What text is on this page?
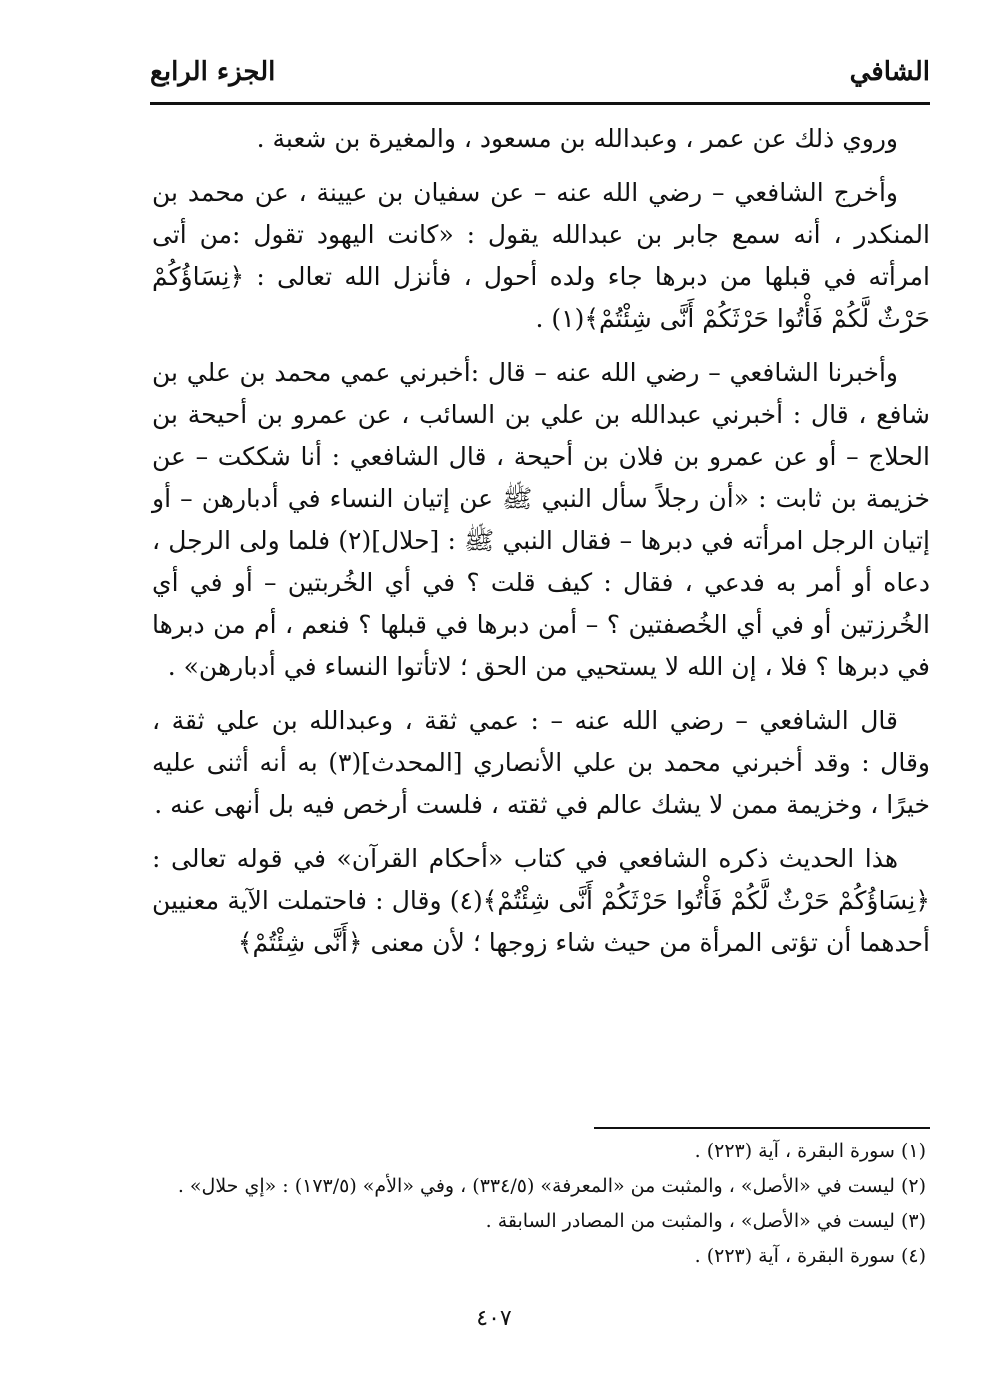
الشافي
الجزء الرابع

وروي ذلك عن عمر ، وعبدالله بن مسعود ، والمغيرة بن شعبة .

وأخرج الشافعي – رضي الله عنه – عن سفيان بن عيينة ، عن محمد بن المنكدر ، أنه سمع جابر بن عبدالله يقول : «كانت اليهود تقول :من أتى امرأته في قبلها من دبرها جاء ولده أحول ، فأنزل الله تعالى : ﴿نِسَاؤُكُمْ حَرْثٌ لَّكُمْ فَأْتُوا حَرْثَكُمْ أَنَّى شِئْتُمْ﴾(١) .

وأخبرنا الشافعي – رضي الله عنه – قال :أخبرني عمي محمد بن علي بن شافع ، قال : أخبرني عبدالله بن علي بن السائب ، عن عمرو بن أحيحة بن الحلاج – أو عن عمرو بن فلان بن أحيحة ، قال الشافعي : أنا شككت – عن خزيمة بن ثابت : «أن رجلاً سأل النبي ﷺ عن إتيان النساء في أدبارهن – أو إتيان الرجل امرأته في دبرها – فقال النبي ﷺ : [حلال](٢) فلما ولى الرجل ، دعاه أو أمر به فدعي ، فقال : كيف قلت ؟ في أي الخُربتين – أو في أي الخُرزتين أو في أي الخُصفتين ؟ – أمن دبرها في قبلها ؟ فنعم ، أم من دبرها في دبرها ؟ فلا ، إن الله لا يستحيي من الحق ؛ لاتأتوا النساء في أدبارهن» .

قال الشافعي – رضي الله عنه – : عمي ثقة ، وعبدالله بن علي ثقة ، وقال : وقد أخبرني محمد بن علي الأنصاري [المحدث](٣) به أنه أثنى عليه خيرًا ، وخزيمة ممن لا يشك عالم في ثقته ، فلست أرخص فيه بل أنهى عنه .

هذا الحديث ذكره الشافعي في كتاب «أحكام القرآن» في قوله تعالى : ﴿نِسَاؤُكُمْ حَرْثٌ لَّكُمْ فَأْتُوا حَرْثَكُمْ أَنَّى شِئْتُمْ﴾(٤) وقال : فاحتملت الآية معنيين أحدهما أن تؤتى المرأة من حيث شاء زوجها ؛ لأن معنى ﴿أَنَّى شِئْتُمْ﴾

(١) سورة البقرة ، آية (٢٢٣) .

(٢) ليست في «الأصل» ، والمثبت من «المعرفة» (٣٣٤/٥) ، وفي «الأم» (١٧٣/٥) : «إي حلال» .

(٣) ليست في «الأصل» ، والمثبت من المصادر السابقة .

(٤) سورة البقرة ، آية (٢٢٣) .

٤٠٧
